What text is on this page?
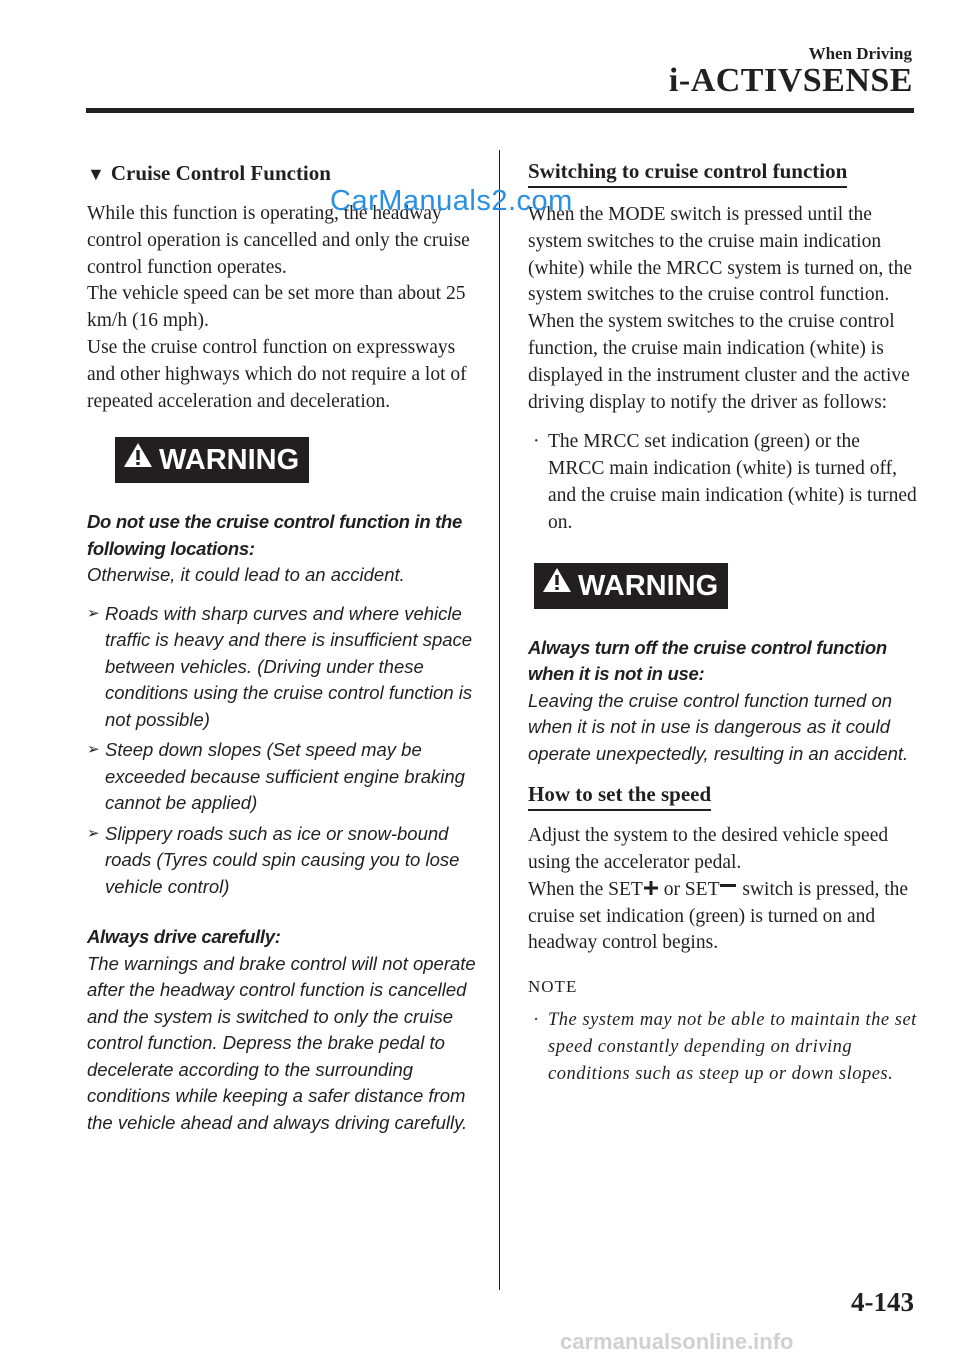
When Driving
i-ACTIVSENSE
▼ Cruise Control Function

While this function is operating, the headway control operation is cancelled and only the cruise control function operates.

The vehicle speed can be set more than about 25 km/h (16 mph).

Use the cruise control function on expressways and other highways which do not require a lot of repeated acceleration and deceleration.

WARNING

Do not use the cruise control function in the following locations:

Otherwise, it could lead to an accident.

➢ Roads with sharp curves and where vehicle traffic is heavy and there is insufficient space between vehicles. (Driving under these conditions using the cruise control function is not possible)
➢ Steep down slopes (Set speed may be exceeded because sufficient engine braking cannot be applied)
➢ Slippery roads such as ice or snow-bound roads (Tyres could spin causing you to lose vehicle control)

Always drive carefully:

The warnings and brake control will not operate after the headway control function is cancelled and the system is switched to only the cruise control function. Depress the brake pedal to decelerate according to the surrounding conditions while keeping a safer distance from the vehicle ahead and always driving carefully.

Switching to cruise control function

When the MODE switch is pressed until the system switches to the cruise main indication (white) while the MRCC system is turned on, the system switches to the cruise control function.

When the system switches to the cruise control function, the cruise main indication (white) is displayed in the instrument cluster and the active driving display to notify the driver as follows:

· The MRCC set indication (green) or the MRCC main indication (white) is turned off, and the cruise main indication (white) is turned on.
WARNING

Always turn off the cruise control function when it is not in use:

Leaving the cruise control function turned on when it is not in use is dangerous as it could operate unexpectedly, resulting in an accident.

How to set the speed

Adjust the system to the desired vehicle speed using the accelerator pedal.

When the SET or SET switch is pressed, the cruise set indication (green) is turned on and headway control begins.

NOTE

· The system may not be able to maintain the set speed constantly depending on driving conditions such as steep up or down slopes.
4-143
CarManuals2.com
carmanualsonline.info
